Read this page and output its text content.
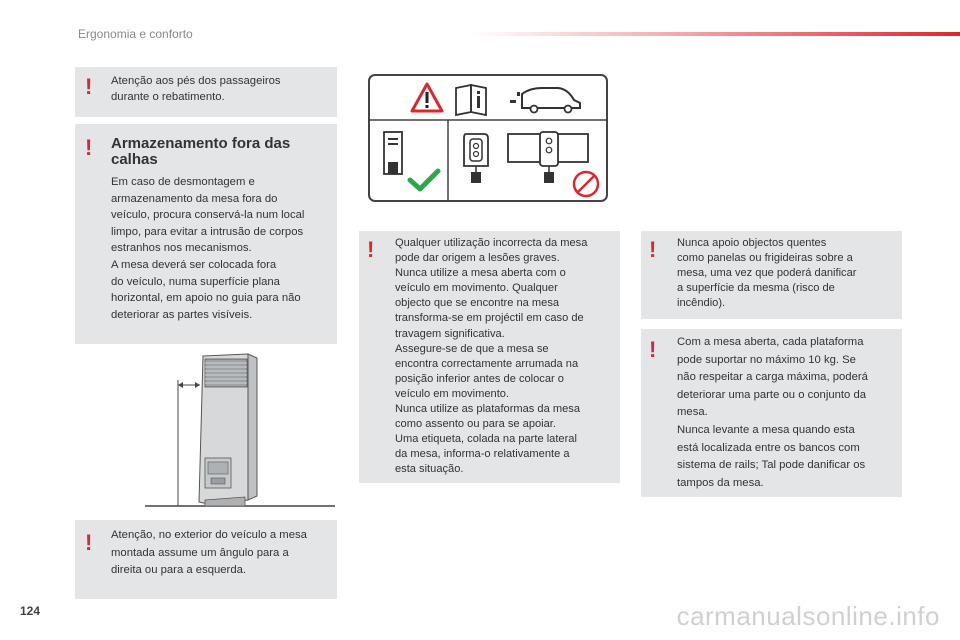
Ergonomia e conforto
! Atenção aos pés dos passageiros
durante o rebatimento.
! Armazenamento fora das
calhas
Em caso de desmontagem e
armazenamento da mesa fora do
veículo, procura conservá-la num local
limpo, para evitar a intrusão de corpos
estranhos nos mecanismos.
A mesa deverá ser colocada fora
do veículo, numa superfície plana
horizontal, em apoio no guia para não
deteriorar as partes visíveis.
! Atenção, no exterior do veículo a mesa
montada assume um ângulo para a
direita ou para a esquerda.
! Qualquer utilização incorrecta da mesa
pode dar origem a lesões graves.
Nunca utilize a mesa aberta com o
veículo em movimento. Qualquer
objecto que se encontre na mesa
transforma-se em projéctil em caso de
travagem significativa.
Assegure-se de que a mesa se
encontra correctamente arrumada na
posição inferior antes de colocar o
veículo em movimento.
Nunca utilize as plataformas da mesa
como assento ou para se apoiar.
Uma etiqueta, colada na parte lateral
da mesa, informa-o relativamente a
esta situação.
! Nunca apoio objectos quentes
como panelas ou frigideiras sobre a
mesa, uma vez que poderá danificar
a superfície da mesma (risco de
incêndio).
! Com a mesa aberta, cada plataforma
pode suportar no máximo 10 kg. Se
não respeitar a carga máxima, poderá
deteriorar uma parte ou o conjunto da
mesa.
Nunca levante a mesa quando esta
está localizada entre os bancos com
sistema de rails; Tal pode danificar os
tampos da mesa.
124	carmanualsonline.info
